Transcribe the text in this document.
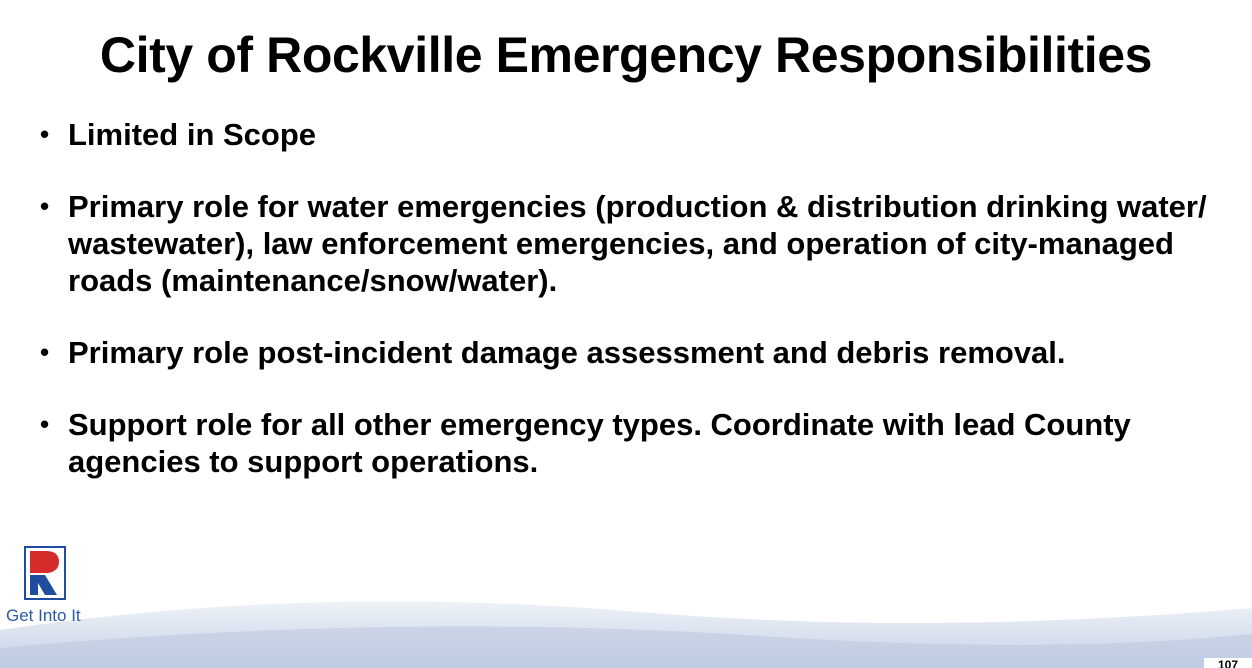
City of Rockville Emergency Responsibilities
• Limited in Scope
• Primary role for water emergencies (production & distribution drinking water/ wastewater), law enforcement emergencies, and operation of city-managed roads (maintenance/snow/water).
• Primary role post-incident damage assessment and debris removal.
• Support role for all other emergency types. Coordinate with lead County agencies to support operations.
Get Into It
107
